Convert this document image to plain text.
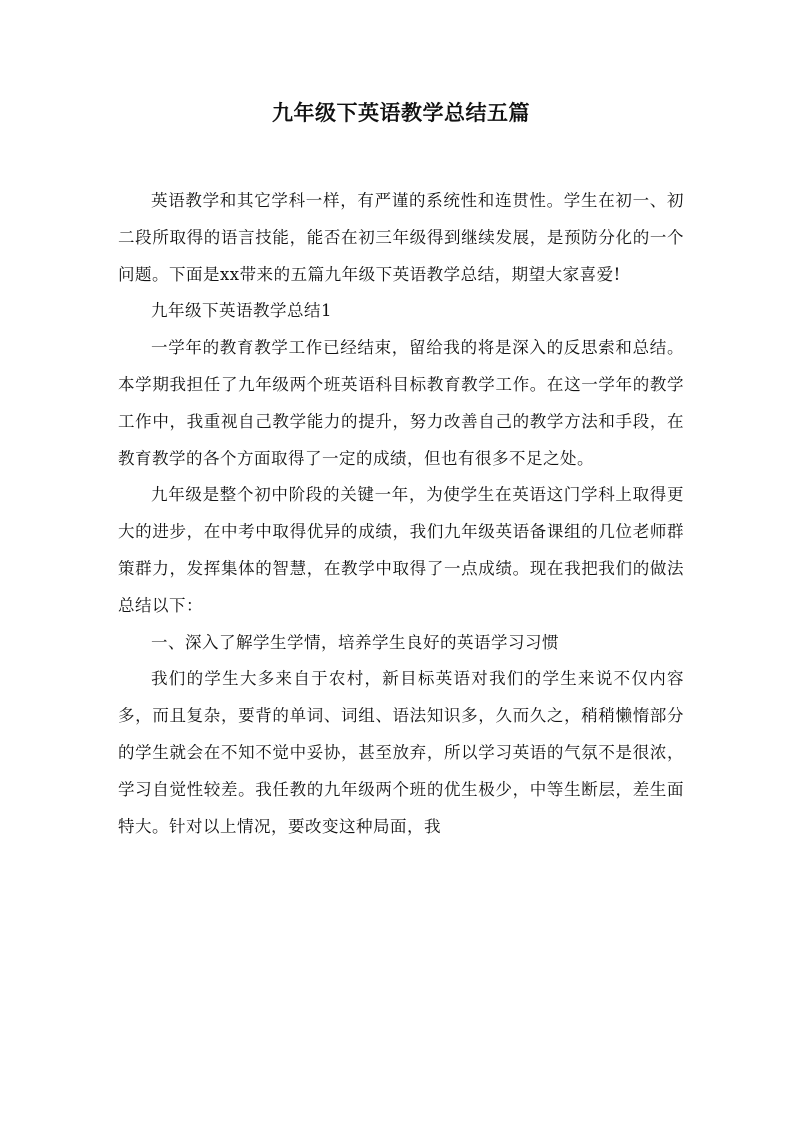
九年级下英语教学总结五篇

英语教学和其它学科一样，有严谨的系统性和连贯性。学生在初一、初二段所取得的语言技能，能否在初三年级得到继续发展，是预防分化的一个问题。下面是xx带来的五篇九年级下英语教学总结，期望大家喜爱!

九年级下英语教学总结1

一学年的教育教学工作已经结束，留给我的将是深入的反思索和总结。本学期我担任了九年级两个班英语科目标教育教学工作。在这一学年的教学工作中，我重视自己教学能力的提升，努力改善自己的教学方法和手段，在教育教学的各个方面取得了一定的成绩，但也有很多不足之处。

九年级是整个初中阶段的关键一年，为使学生在英语这门学科上取得更大的进步，在中考中取得优异的成绩，我们九年级英语备课组的几位老师群策群力，发挥集体的智慧，在教学中取得了一点成绩。现在我把我们的做法总结以下：

一、深入了解学生学情，培养学生良好的英语学习习惯

我们的学生大多来自于农村，新目标英语对我们的学生来说不仅内容多，而且复杂，要背的单词、词组、语法知识多，久而久之，稍稍懒惰部分的学生就会在不知不觉中妥协，甚至放弃，所以学习英语的气氛不是很浓，学习自觉性较差。我任教的九年级两个班的优生极少，中等生断层，差生面特大。针对以上情况，要改变这种局面，我
